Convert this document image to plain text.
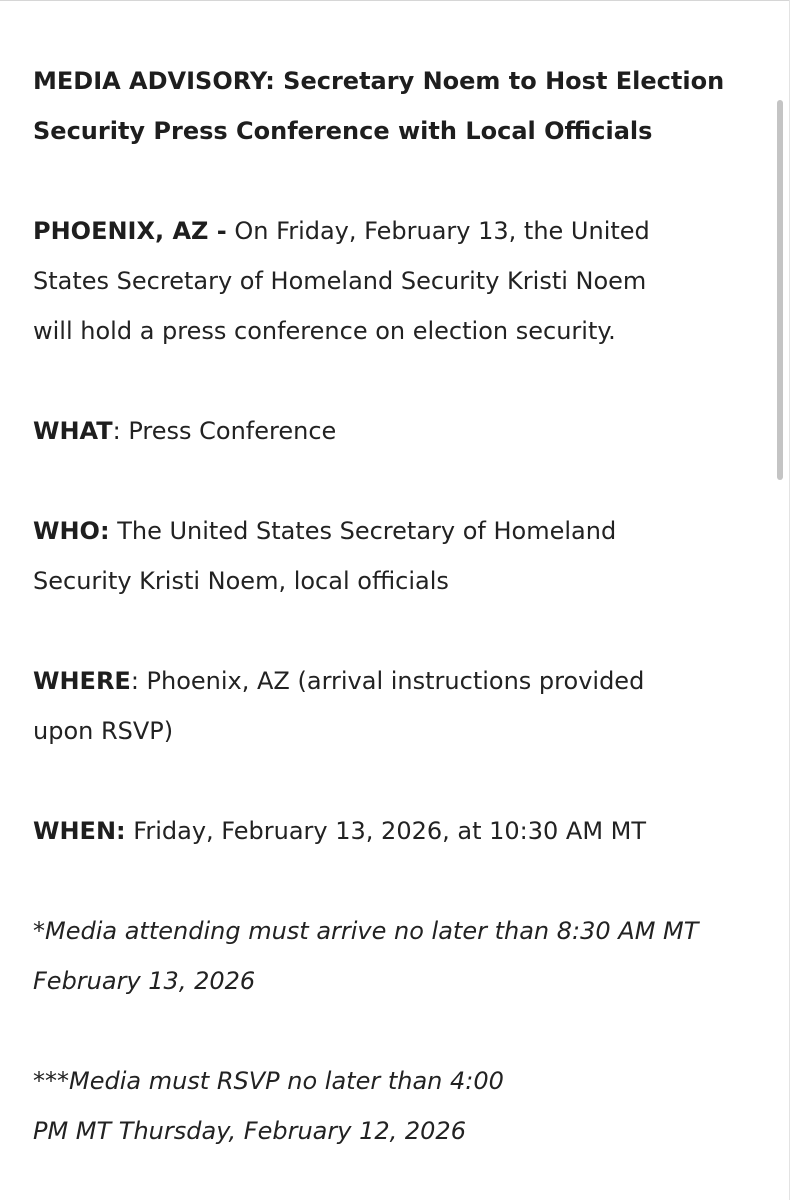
MEDIA ADVISORY: Secretary Noem to Host Election
Security Press Conference with Local Officials

PHOENIX, AZ - On Friday, February 13, the United
States Secretary of Homeland Security Kristi Noem
will hold a press conference on election security.

WHAT: Press Conference

WHO: The United States Secretary of Homeland
Security Kristi Noem, local officials

WHERE: Phoenix, AZ (arrival instructions provided
upon RSVP)

WHEN: Friday, February 13, 2026, at 10:30 AM MT

*Media attending must arrive no later than 8:30 AM MT
February 13, 2026

***Media must RSVP no later than 4:00
PM MT Thursday, February 12, 2026
